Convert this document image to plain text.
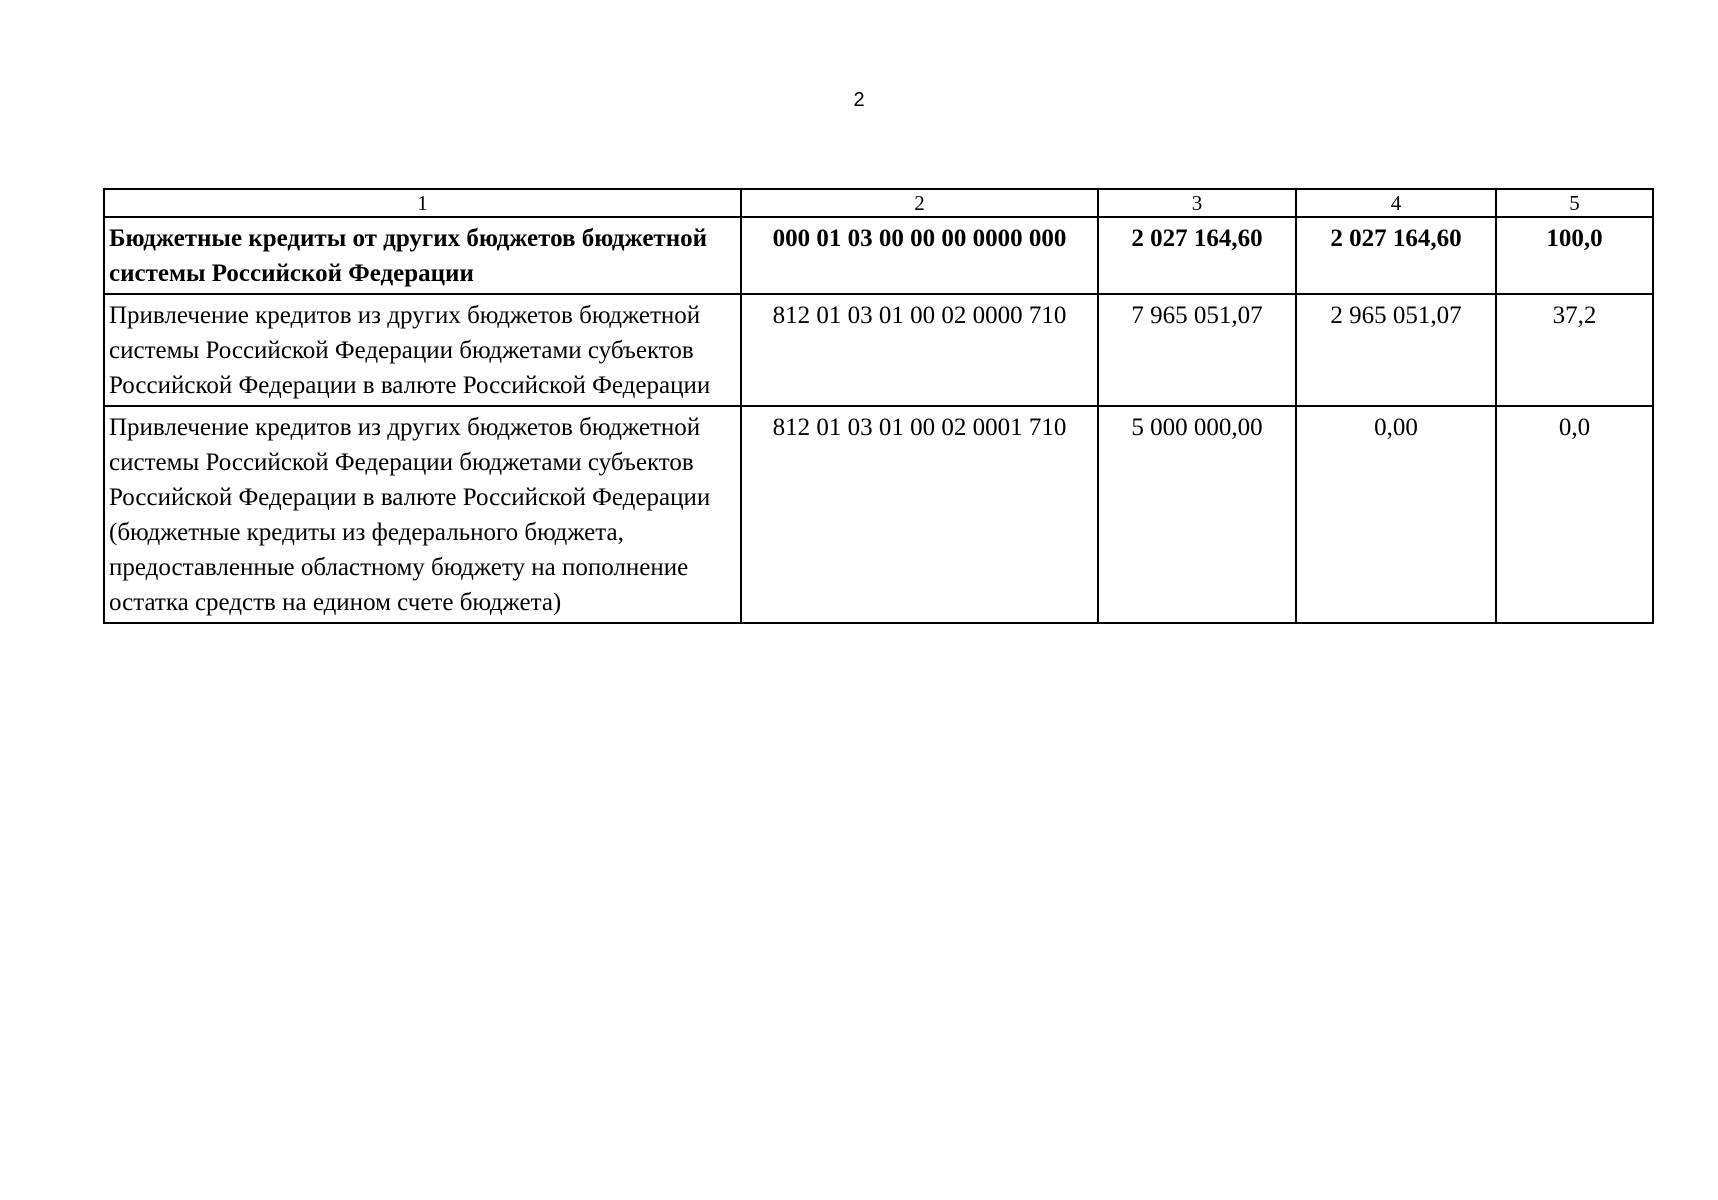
2
1	2	3	4	5
Бюджетные кредиты от других бюджетов бюджетной системы Российской Федерации	000 01 03 00 00 00 0000 000	2 027 164,60	2 027 164,60	100,0
Привлечение кредитов из других бюджетов бюджетной системы Российской Федерации бюджетами субъектов Российской Федерации в валюте Российской Федерации	812 01 03 01 00 02 0000 710	7 965 051,07	2 965 051,07	37,2
Привлечение кредитов из других бюджетов бюджетной системы Российской Федерации бюджетами субъектов Российской Федерации в валюте Российской Федерации (бюджетные кредиты из федерального бюджета, предоставленные областному бюджету на пополнение остатка средств на едином счете бюджета)	812 01 03 01 00 02 0001 710	5 000 000,00	0,00	0,0
